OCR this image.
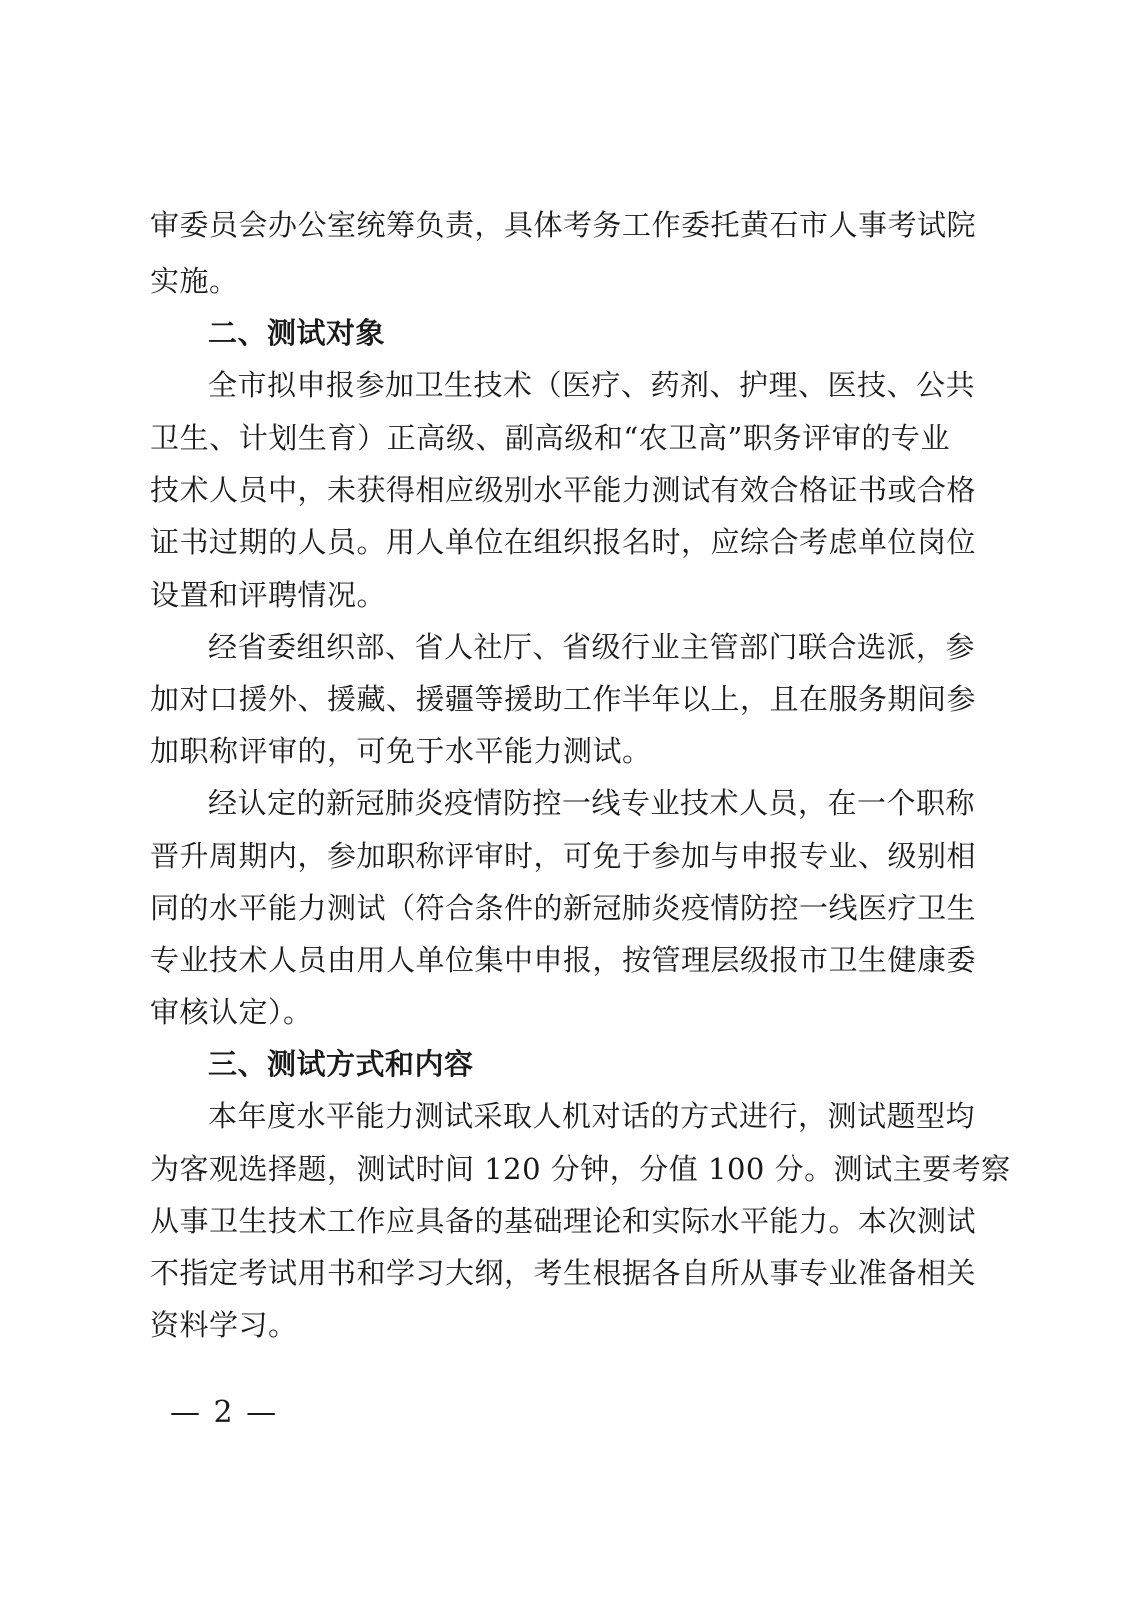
审委员会办公室统筹负责，具体考务工作委托黄石市人事考试院
实施。
二、测试对象
全市拟申报参加卫生技术（医疗、药剂、护理、医技、公共
卫生、计划生育）正高级、副高级和“农卫高”职务评审的专业
技术人员中，未获得相应级别水平能力测试有效合格证书或合格
证书过期的人员。用人单位在组织报名时，应综合考虑单位岗位
设置和评聘情况。
经省委组织部、省人社厅、省级行业主管部门联合选派，参
加对口援外、援藏、援疆等援助工作半年以上，且在服务期间参
加职称评审的，可免于水平能力测试。
经认定的新冠肺炎疫情防控一线专业技术人员，在一个职称
晋升周期内，参加职称评审时，可免于参加与申报专业、级别相
同的水平能力测试（符合条件的新冠肺炎疫情防控一线医疗卫生
专业技术人员由用人单位集中申报，按管理层级报市卫生健康委
审核认定）。
三、测试方式和内容
本年度水平能力测试采取人机对话的方式进行，测试题型均
为客观选择题，测试时间 120 分钟，分值 100 分。测试主要考察
从事卫生技术工作应具备的基础理论和实际水平能力。本次测试
不指定考试用书和学习大纲，考生根据各自所从事专业准备相关
资料学习。
— 2 —
